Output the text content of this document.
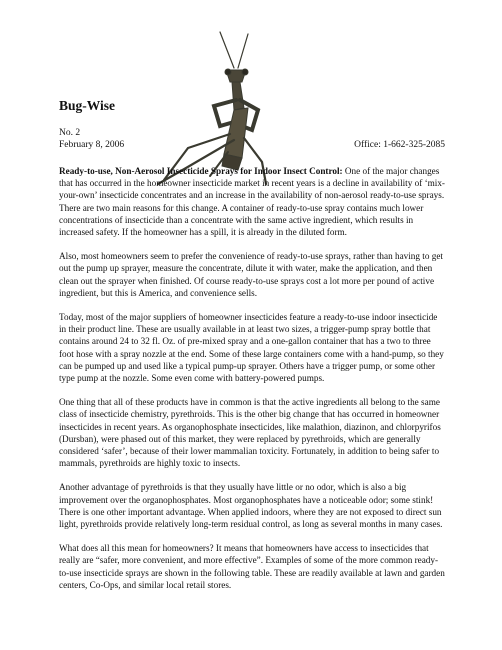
Bug-Wise
No. 2
February 8, 2006	Office: 1-662-325-2085

Ready-to-use, Non-Aerosol Insecticide Sprays for Indoor Insect Control: One of the major changes that has occurred in the homeowner insecticide market in recent years is a decline in availability of ‘mix-your-own’ insecticide concentrates and an increase in the availability of non-aerosol ready-to-use sprays. There are two main reasons for this change. A container of ready-to-use spray contains much lower concentrations of insecticide than a concentrate with the same active ingredient, which results in increased safety. If the homeowner has a spill, it is already in the diluted form.

Also, most homeowners seem to prefer the convenience of ready-to-use sprays, rather than having to get out the pump up sprayer, measure the concentrate, dilute it with water, make the application, and then clean out the sprayer when finished. Of course ready-to-use sprays cost a lot more per pound of active ingredient, but this is America, and convenience sells.

Today, most of the major suppliers of homeowner insecticides feature a ready-to-use indoor insecticide in their product line. These are usually available in at least two sizes, a trigger-pump spray bottle that contains around 24 to 32 fl. Oz. of pre-mixed spray and a one-gallon container that has a two to three foot hose with a spray nozzle at the end. Some of these large containers come with a hand-pump, so they can be pumped up and used like a typical pump-up sprayer. Others have a trigger pump, or some other type pump at the nozzle. Some even come with battery-powered pumps.

One thing that all of these products have in common is that the active ingredients all belong to the same class of insecticide chemistry, pyrethroids. This is the other big change that has occurred in homeowner insecticides in recent years. As organophosphate insecticides, like malathion, diazinon, and chlorpyrifos (Dursban), were phased out of this market, they were replaced by pyrethroids, which are generally considered ‘safer’, because of their lower mammalian toxicity. Fortunately, in addition to being safer to mammals, pyrethroids are highly toxic to insects.

Another advantage of pyrethroids is that they usually have little or no odor, which is also a big improvement over the organophosphates. Most organophosphates have a noticeable odor; some stink! There is one other important advantage. When applied indoors, where they are not exposed to direct sun light, pyrethroids provide relatively long-term residual control, as long as several months in many cases.

What does all this mean for homeowners? It means that homeowners have access to insecticides that really are “safer, more convenient, and more effective”. Examples of some of the more common ready-to-use insecticide sprays are shown in the following table. These are readily available at lawn and garden centers, Co-Ops, and similar local retail stores.
